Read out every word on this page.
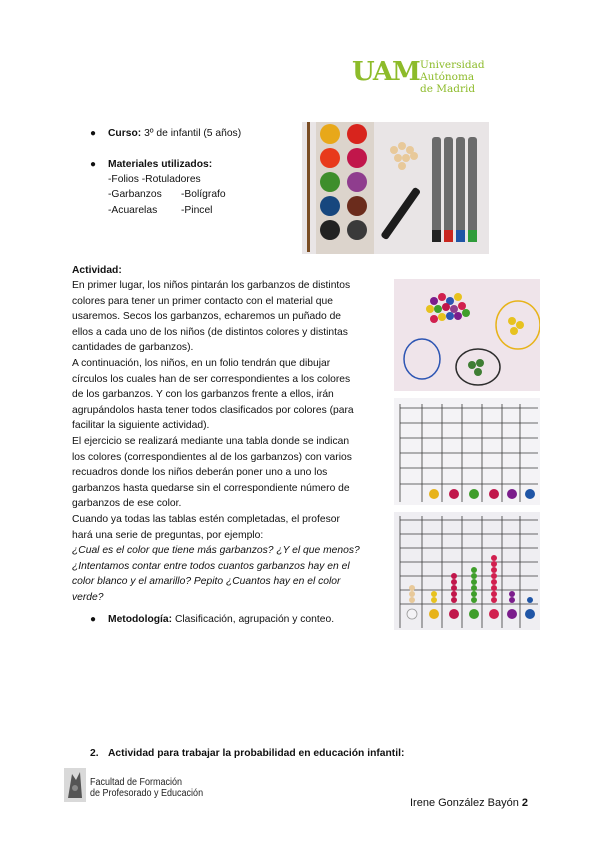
UAM Universidad Autónoma
de Madrid
● Curso: 3º de infantil (5 años)
● Materiales utilizados:
-Folios -Rotuladores
-Garbanzos -Bolígrafo
-Acuarelas -Pincel
Actividad:
En primer lugar, los niños pintarán los garbanzos de distintos
colores para tener un primer contacto con el material que
usaremos. Secos los garbanzos, echaremos un puñado de
ellos a cada uno de los niños (de distintos colores y distintas
cantidades de garbanzos).
A continuación, los niños, en un folio tendrán que dibujar
círculos los cuales han de ser correspondientes a los colores
de los garbanzos. Y con los garbanzos frente a ellos, irán
agrupándolos hasta tener todos clasificados por colores (para
facilitar la siguiente actividad).
El ejercicio se realizará mediante una tabla donde se indican
los colores (correspondientes al de los garbanzos) con varios
recuadros donde los niños deberán poner uno a uno los
garbanzos hasta quedarse sin el correspondiente número de
garbanzos de ese color.
Cuando ya todas las tablas estén completadas, el profesor
hará una serie de preguntas, por ejemplo:
¿Cual es el color que tiene más garbanzos? ¿Y el que menos?
¿Intentamos contar entre todos cuantos garbanzos hay en el
color blanco y el amarillo? Pepito ¿Cuantos hay en el color
verde?
● Metodología: Clasificación, agrupación y conteo.
2. Actividad para trabajar la probabilidad en educación infantil:
Facultad de Formación
de Profesorado y Educación
Irene González Bayón 2
